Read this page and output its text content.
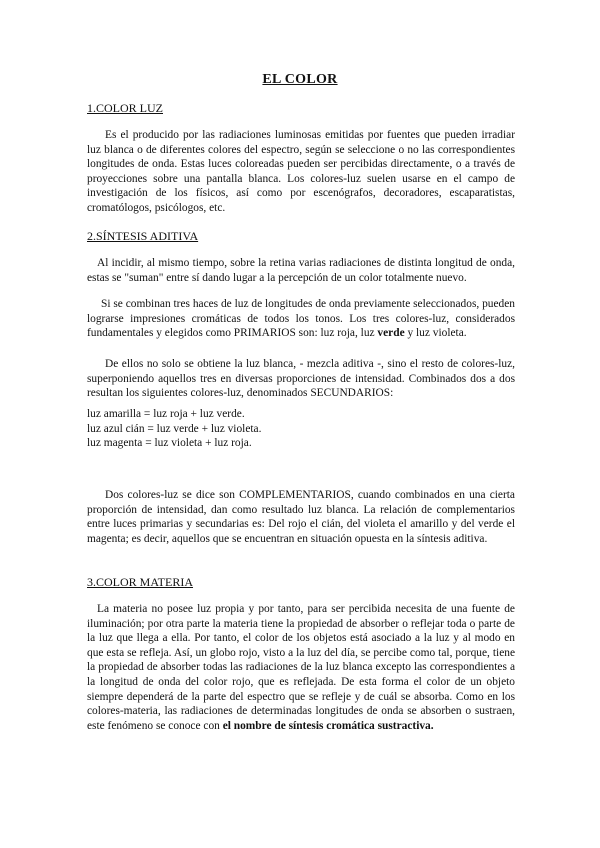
EL COLOR
1.COLOR LUZ

Es el producido por las radiaciones luminosas emitidas por fuentes que pueden irradiar luz blanca o de diferentes colores del espectro, según se seleccione o no las correspondientes longitudes de onda. Estas luces coloreadas pueden ser percibidas directamente, o a través de proyecciones sobre una pantalla blanca. Los colores-luz suelen usarse en el campo de investigación de los físicos, así como por escenógrafos, decoradores, escaparatistas, cromatólogos, psicólogos, etc.

2.SÍNTESIS ADITIVA

Al incidir, al mismo tiempo, sobre la retina varias radiaciones de distinta longitud de onda, estas se "suman" entre sí dando lugar a la percepción de un color totalmente nuevo.

Si se combinan tres haces de luz de longitudes de onda previamente seleccionados, pueden lograrse impresiones cromáticas de todos los tonos. Los tres colores-luz, considerados fundamentales y elegidos como PRIMARIOS son: luz roja, luz verde y luz violeta.

De ellos no solo se obtiene la luz blanca, - mezcla aditiva -, sino el resto de colores-luz, superponiendo aquellos tres en diversas proporciones de intensidad. Combinados dos a dos resultan los siguientes colores-luz, denominados SECUNDARIOS:

luz amarilla = luz roja + luz verde.
luz azul cián = luz verde + luz violeta.
luz magenta = luz violeta + luz roja.

Dos colores-luz se dice son COMPLEMENTARIOS, cuando combinados en una cierta proporción de intensidad, dan como resultado luz blanca. La relación de complementarios entre luces primarias y secundarias es: Del rojo el cián, del violeta el amarillo y del verde el magenta; es decir, aquellos que se encuentran en situación opuesta en la síntesis aditiva.

3.COLOR MATERIA

La materia no posee luz propia y por tanto, para ser percibida necesita de una fuente de iluminación; por otra parte la materia tiene la propiedad de absorber o reflejar toda o parte de la luz que llega a ella. Por tanto, el color de los objetos está asociado a la luz y al modo en que esta se refleja. Así, un globo rojo, visto a la luz del día, se percibe como tal, porque, tiene la propiedad de absorber todas las radiaciones de la luz blanca excepto las correspondientes a la longitud de onda del color rojo, que es reflejada. De esta forma el color de un objeto siempre dependerá de la parte del espectro que se refleje y de cuál se absorba. Como en los colores-materia, las radiaciones de determinadas longitudes de onda se absorben o sustraen, este fenómeno se conoce con el nombre de síntesis cromática sustractiva.
